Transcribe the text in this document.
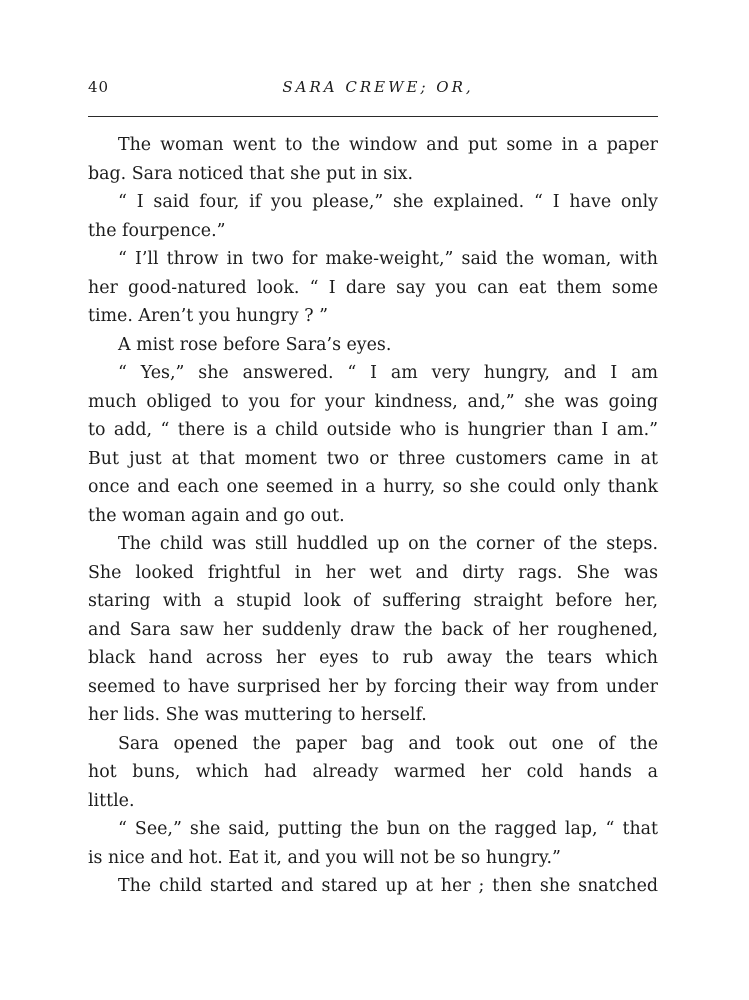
40	SARA CREWE; OR,
The woman went to the window and put some in a paper
bag. Sara noticed that she put in six.
“ I said four, if you please,” she explained. “ I have only
the fourpence.”
“ I’ll throw in two for make-weight,” said the woman, with
her good-natured look. “ I dare say you can eat them some
time. Aren’t you hungry ? ”
A mist rose before Sara’s eyes.
“ Yes,” she answered. “ I am very hungry, and I am
much obliged to you for your kindness, and,” she was going
to add, “ there is a child outside who is hungrier than I am.”
But just at that moment two or three customers came in at
once and each one seemed in a hurry, so she could only thank
the woman again and go out.
The child was still huddled up on the corner of the steps.
She looked frightful in her wet and dirty rags. She was
staring with a stupid look of suffering straight before her,
and Sara saw her suddenly draw the back of her roughened,
black hand across her eyes to rub away the tears which
seemed to have surprised her by forcing their way from under
her lids. She was muttering to herself.
Sara opened the paper bag and took out one of the
hot buns, which had already warmed her cold hands a
little.
“ See,” she said, putting the bun on the ragged lap, “ that
is nice and hot. Eat it, and you will not be so hungry.”
The child started and stared up at her ; then she snatched
